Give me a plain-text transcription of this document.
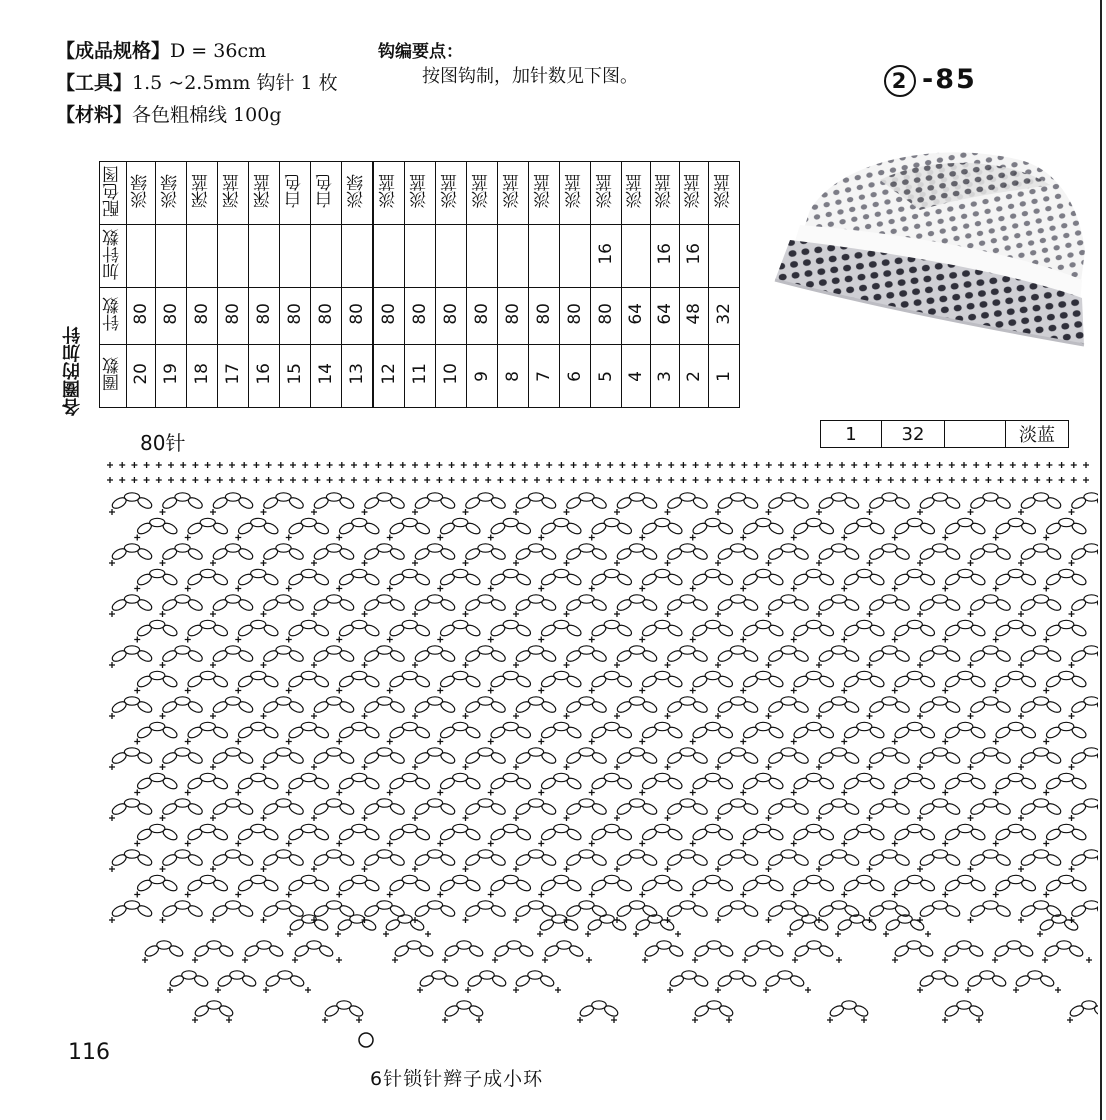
【成品规格】D = 36cm
【工具】1.5 ~2.5mm 钩针 1 枚
【材料】各色粗棉线 100g
钩编要点：
按图钩制，加针数见下图。	2 -85
各圈的加针
配色图	淡绿	淡绿	深蓝	深蓝	深蓝	白色	白色	淡绿	淡蓝	淡蓝	淡蓝	淡蓝	淡蓝	淡蓝	淡蓝	淡蓝	淡蓝	淡蓝	淡蓝	淡蓝
加针数																16		16	16	
针数	80	80	80	80	80	80	80	80	80	80	80	80	80	80	80	80	64	64	48	32
圈数	20	19	18	17	16	15	14	13	12	11	10	9	8	7	6	5	4	3	2	1
80针	1	32		淡蓝
6针锁针辫子成小环
116
